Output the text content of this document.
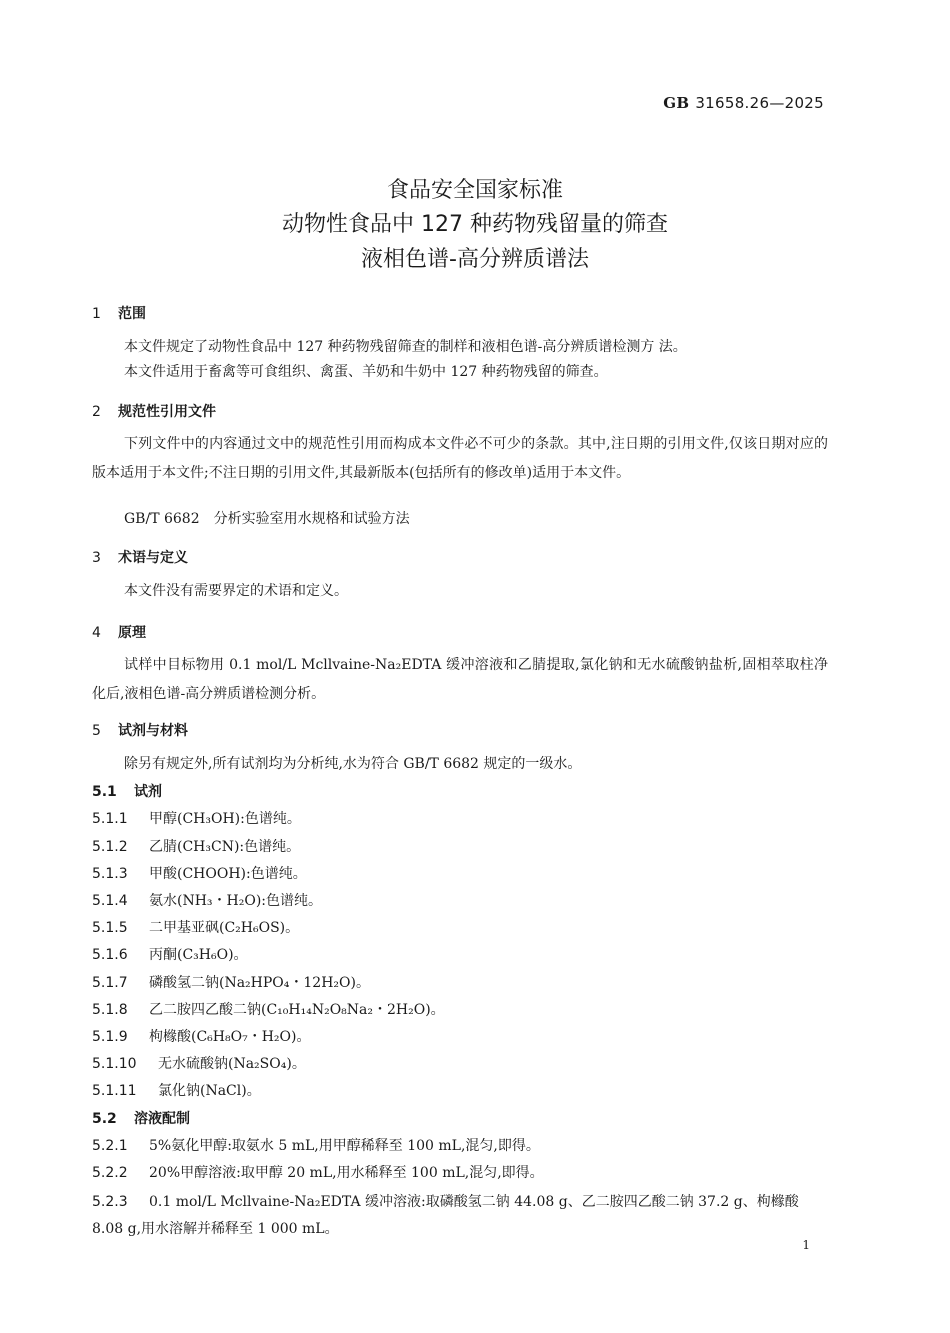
GB 31658.26—2025
食品安全国家标准
动物性食品中 127 种药物残留量的筛查
液相色谱-高分辨质谱法
1 范围
本文件规定了动物性食品中 127 种药物残留筛查的制样和液相色谱-高分辨质谱检测方 法。
本文件适用于畜禽等可食组织、禽蛋、羊奶和牛奶中 127 种药物残留的筛查。
2 规范性引用文件
下列文件中的内容通过文中的规范性引用而构成本文件必不可少的条款。其中,注日期的引用文件,仅该日期对应的版本适用于本文件;不注日期的引用文件,其最新版本(包括所有的修改单)适用于本文件。
GB/T 6682　分析实验室用水规格和试验方法
3 术语与定义
本文件没有需要界定的术语和定义。
4 原理
试样中目标物用 0.1 mol/L Mcllvaine-Na₂EDTA 缓冲溶液和乙腈提取,氯化钠和无水硫酸钠盐析,固相萃取柱净化后,液相色谱-高分辨质谱检测分析。
5 试剂与材料
除另有规定外,所有试剂均为分析纯,水为符合 GB/T 6682 规定的一级水。
5.1 试剂
5.1.1 甲醇(CH₃OH):色谱纯。
5.1.2 乙腈(CH₃CN):色谱纯。
5.1.3 甲酸(CHOOH):色谱纯。
5.1.4 氨水(NH₃・H₂O):色谱纯。
5.1.5 二甲基亚砜(C₂H₆OS)。
5.1.6 丙酮(C₃H₆O)。
5.1.7 磷酸氢二钠(Na₂HPO₄・12H₂O)。
5.1.8 乙二胺四乙酸二钠(C₁₀H₁₄N₂O₈Na₂・2H₂O)。
5.1.9 枸橼酸(C₆H₈O₇・H₂O)。
5.1.10 无水硫酸钠(Na₂SO₄)。
5.1.11 氯化钠(NaCl)。
5.2 溶液配制
5.2.1 5%氨化甲醇:取氨水 5 mL,用甲醇稀释至 100 mL,混匀,即得。
5.2.2 20%甲醇溶液:取甲醇 20 mL,用水稀释至 100 mL,混匀,即得。
5.2.3 0.1 mol/L Mcllvaine-Na₂EDTA 缓冲溶液:取磷酸氢二钠 44.08 g、乙二胺四乙酸二钠 37.2 g、枸橼酸 8.08 g,用水溶解并稀释至 1 000 mL。
1
